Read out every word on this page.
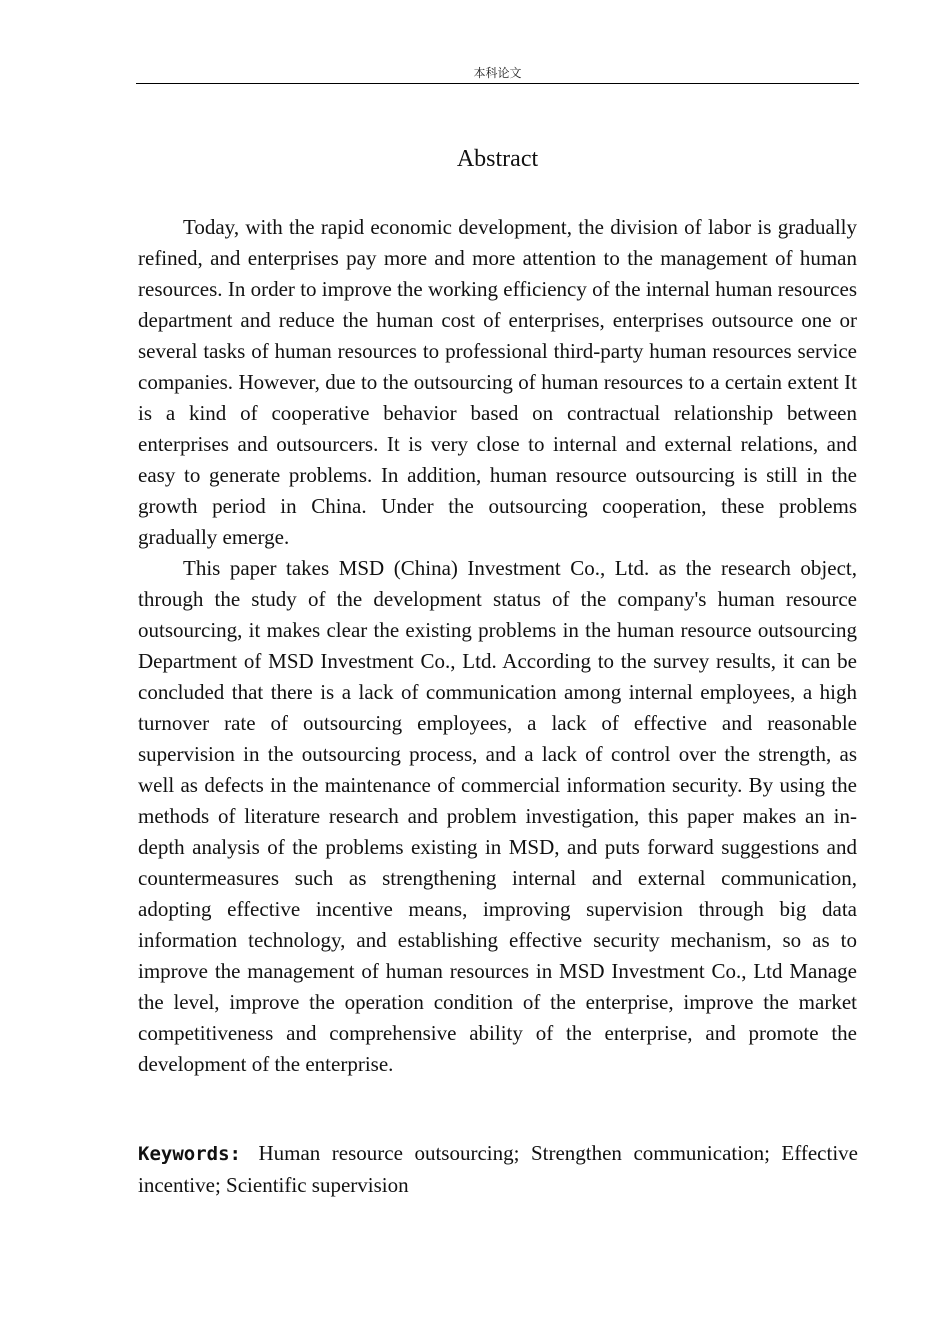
本科论文
Abstract

Today, with the rapid economic development, the division of labor is gradually refined, and enterprises pay more and more attention to the management of human resources. In order to improve the working efficiency of the internal human resources department and reduce the human cost of enterprises, enterprises outsource one or several tasks of human resources to professional third-party human resources service companies. However, due to the outsourcing of human resources to a certain extent It is a kind of cooperative behavior based on contractual relationship between enterprises and outsourcers. It is very close to internal and external relations, and easy to generate problems. In addition, human resource outsourcing is still in the growth period in China. Under the outsourcing cooperation, these problems gradually emerge.

This paper takes MSD (China) Investment Co., Ltd. as the research object, through the study of the development status of the company's human resource outsourcing, it makes clear the existing problems in the human resource outsourcing Department of MSD Investment Co., Ltd. According to the survey results, it can be concluded that there is a lack of communication among internal employees, a high turnover rate of outsourcing employees, a lack of effective and reasonable supervision in the outsourcing process, and a lack of control over the strength, as well as defects in the maintenance of commercial information security. By using the methods of literature research and problem investigation, this paper makes an in-depth analysis of the problems existing in MSD, and puts forward suggestions and countermeasures such as strengthening internal and external communication, adopting effective incentive means, improving supervision through big data information technology, and establishing effective security mechanism, so as to improve the management of human resources in MSD Investment Co., Ltd Manage the level, improve the operation condition of the enterprise, improve the market competitiveness and comprehensive ability of the enterprise, and promote the development of the enterprise.

Keywords: Human resource outsourcing; Strengthen communication; Effective incentive; Scientific supervision
